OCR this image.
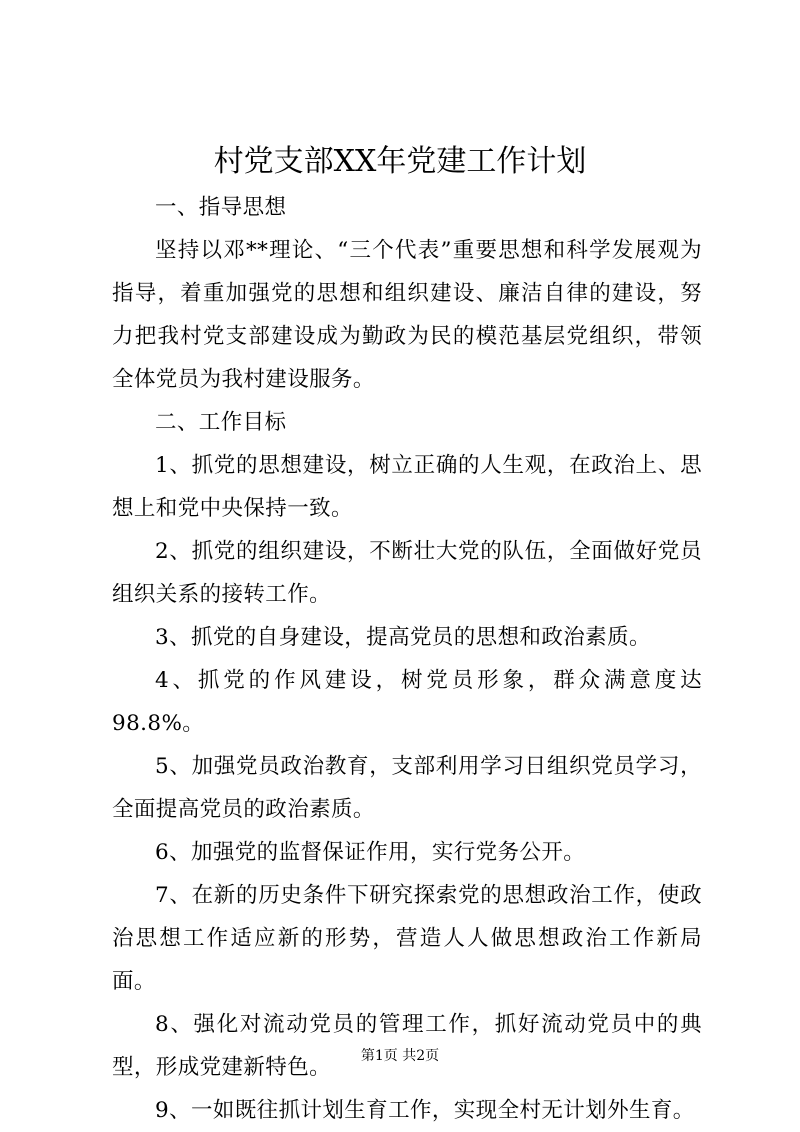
村党支部XX年党建工作计划

一、指导思想

坚持以邓**理论、“三个代表”重要思想和科学发展观为指导，着重加强党的思想和组织建设、廉洁自律的建设，努力把我村党支部建设成为勤政为民的模范基层党组织，带领全体党员为我村建设服务。

二、工作目标

1、抓党的思想建设，树立正确的人生观，在政治上、思想上和党中央保持一致。

2、抓党的组织建设，不断壮大党的队伍，全面做好党员组织关系的接转工作。

3、抓党的自身建设，提高党员的思想和政治素质。

4、抓党的作风建设，树党员形象，群众满意度达98.8%。

5、加强党员政治教育，支部利用学习日组织党员学习，全面提高党员的政治素质。

6、加强党的监督保证作用，实行党务公开。

7、在新的历史条件下研究探索党的思想政治工作，使政治思想工作适应新的形势，营造人人做思想政治工作新局面。

8、强化对流动党员的管理工作，抓好流动党员中的典型，形成党建新特色。

9、一如既往抓计划生育工作，实现全村无计划外生育。

第1页 共2页
